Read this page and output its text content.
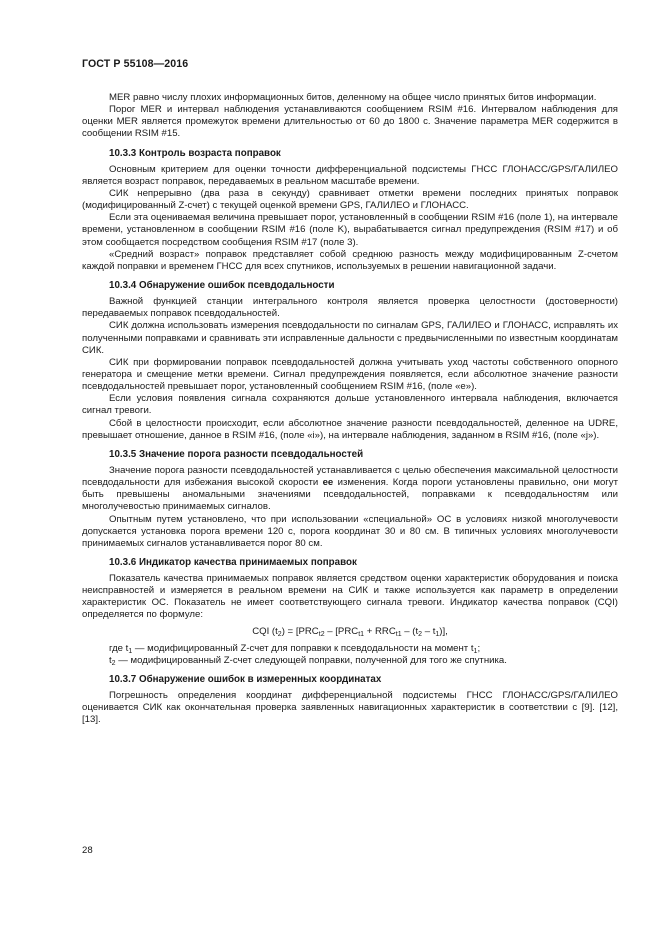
ГОСТ Р 55108—2016

MER равно числу плохих информационных битов, деленному на общее число принятых битов информации.

Порог MER и интервал наблюдения устанавливаются сообщением RSIM #16. Интервалом наблюдения для оценки MER является промежуток времени длительностью от 60 до 1800 с. Значение параметра MER содержится в сообщении RSIM #15.

10.3.3 Контроль возраста поправок

Основным критерием для оценки точности дифференциальной подсистемы ГНСС ГЛОНАСС/GPS/ГАЛИЛЕО является возраст поправок, передаваемых в реальном масштабе времени.

СИК непрерывно (два раза в секунду) сравнивает отметки времени последних принятых поправок (модифицированный Z-счет) с текущей оценкой времени GPS, ГАЛИЛЕО и ГЛОНАСС.

Если эта оцениваемая величина превышает порог, установленный в сообщении RSIM #16 (поле 1), на интервале времени, установленном в сообщении RSIM #16 (поле K), вырабатывается сигнал предупреждения (RSIM #17) и об этом сообщается посредством сообщения RSIM #17 (поле 3).

«Средний возраст» поправок представляет собой среднюю разность между модифицированным Z-счетом каждой поправки и временем ГНСС для всех спутников, используемых в решении навигационной задачи.

10.3.4 Обнаружение ошибок псевдодальности

Важной функцией станции интегрального контроля является проверка целостности (достоверности) передаваемых поправок псевдодальностей.

СИК должна использовать измерения псевдодальности по сигналам GPS, ГАЛИЛЕО и ГЛОНАСС, исправлять их полученными поправками и сравнивать эти исправленные дальности с предвычисленными по известным координатам СИК.

СИК при формировании поправок псевдодальностей должна учитывать уход частоты собственного опорного генератора и смещение метки времени. Сигнал предупреждения появляется, если абсолютное значение разности псевдодальностей превышает порог, установленный сообщением RSIM #16, (поле «е»).

Если условия появления сигнала сохраняются дольше установленного интервала наблюдения, включается сигнал тревоги.

Сбой в целостности происходит, если абсолютное значение разности псевдодальностей, деленное на UDRE, превышает отношение, данное в RSIM #16, (поле «i»), на интервале наблюдения, заданном в RSIM #16, (поле «j»).

10.3.5 Значение порога разности псевдодальностей

Значение порога разности псевдодальностей устанавливается с целью обеспечения максимальной целостности псевдодальности для избежания высокой скорости ее изменения. Когда пороги установлены правильно, они могут быть превышены аномальными значениями псевдодальностей, поправками к псевдодальностям или многолучевостью принимаемых сигналов.

Опытным путем установлено, что при использовании «специальной» ОС в условиях низкой многолучевости допускается установка порога времени 120 с, порога координат 30 и 80 см. В типичных условиях многолучевости принимаемых сигналов устанавливается порог 80 см.

10.3.6 Индикатор качества принимаемых поправок

Показатель качества принимаемых поправок является средством оценки характеристик оборудования и поиска неисправностей и измеряется в реальном времени на СИК и также используется как параметр в определении характеристик ОС. Показатель не имеет соответствующего сигнала тревоги. Индикатор качества поправок (CQI) определяется по формуле:

CQI $(t_2) = [PRC_{t2} - [PRC_{t1} + RRC_{t1} - (t_2 - t_1)]$,

где $t_1$ — модифицированный Z-счет для поправки к псевдодальности на момент $t_1$;

$t_2$ — модифицированный Z-счет следующей поправки, полученной для того же спутника.

10.3.7 Обнаружение ошибок в измеренных координатах

Погрешность определения координат дифференциальной подсистемы ГНСС ГЛОНАСС/GPS/ГАЛИЛЕО оценивается СИК как окончательная проверка заявленных навигационных характеристик в соответствии с [9]. [12], [13].

28
